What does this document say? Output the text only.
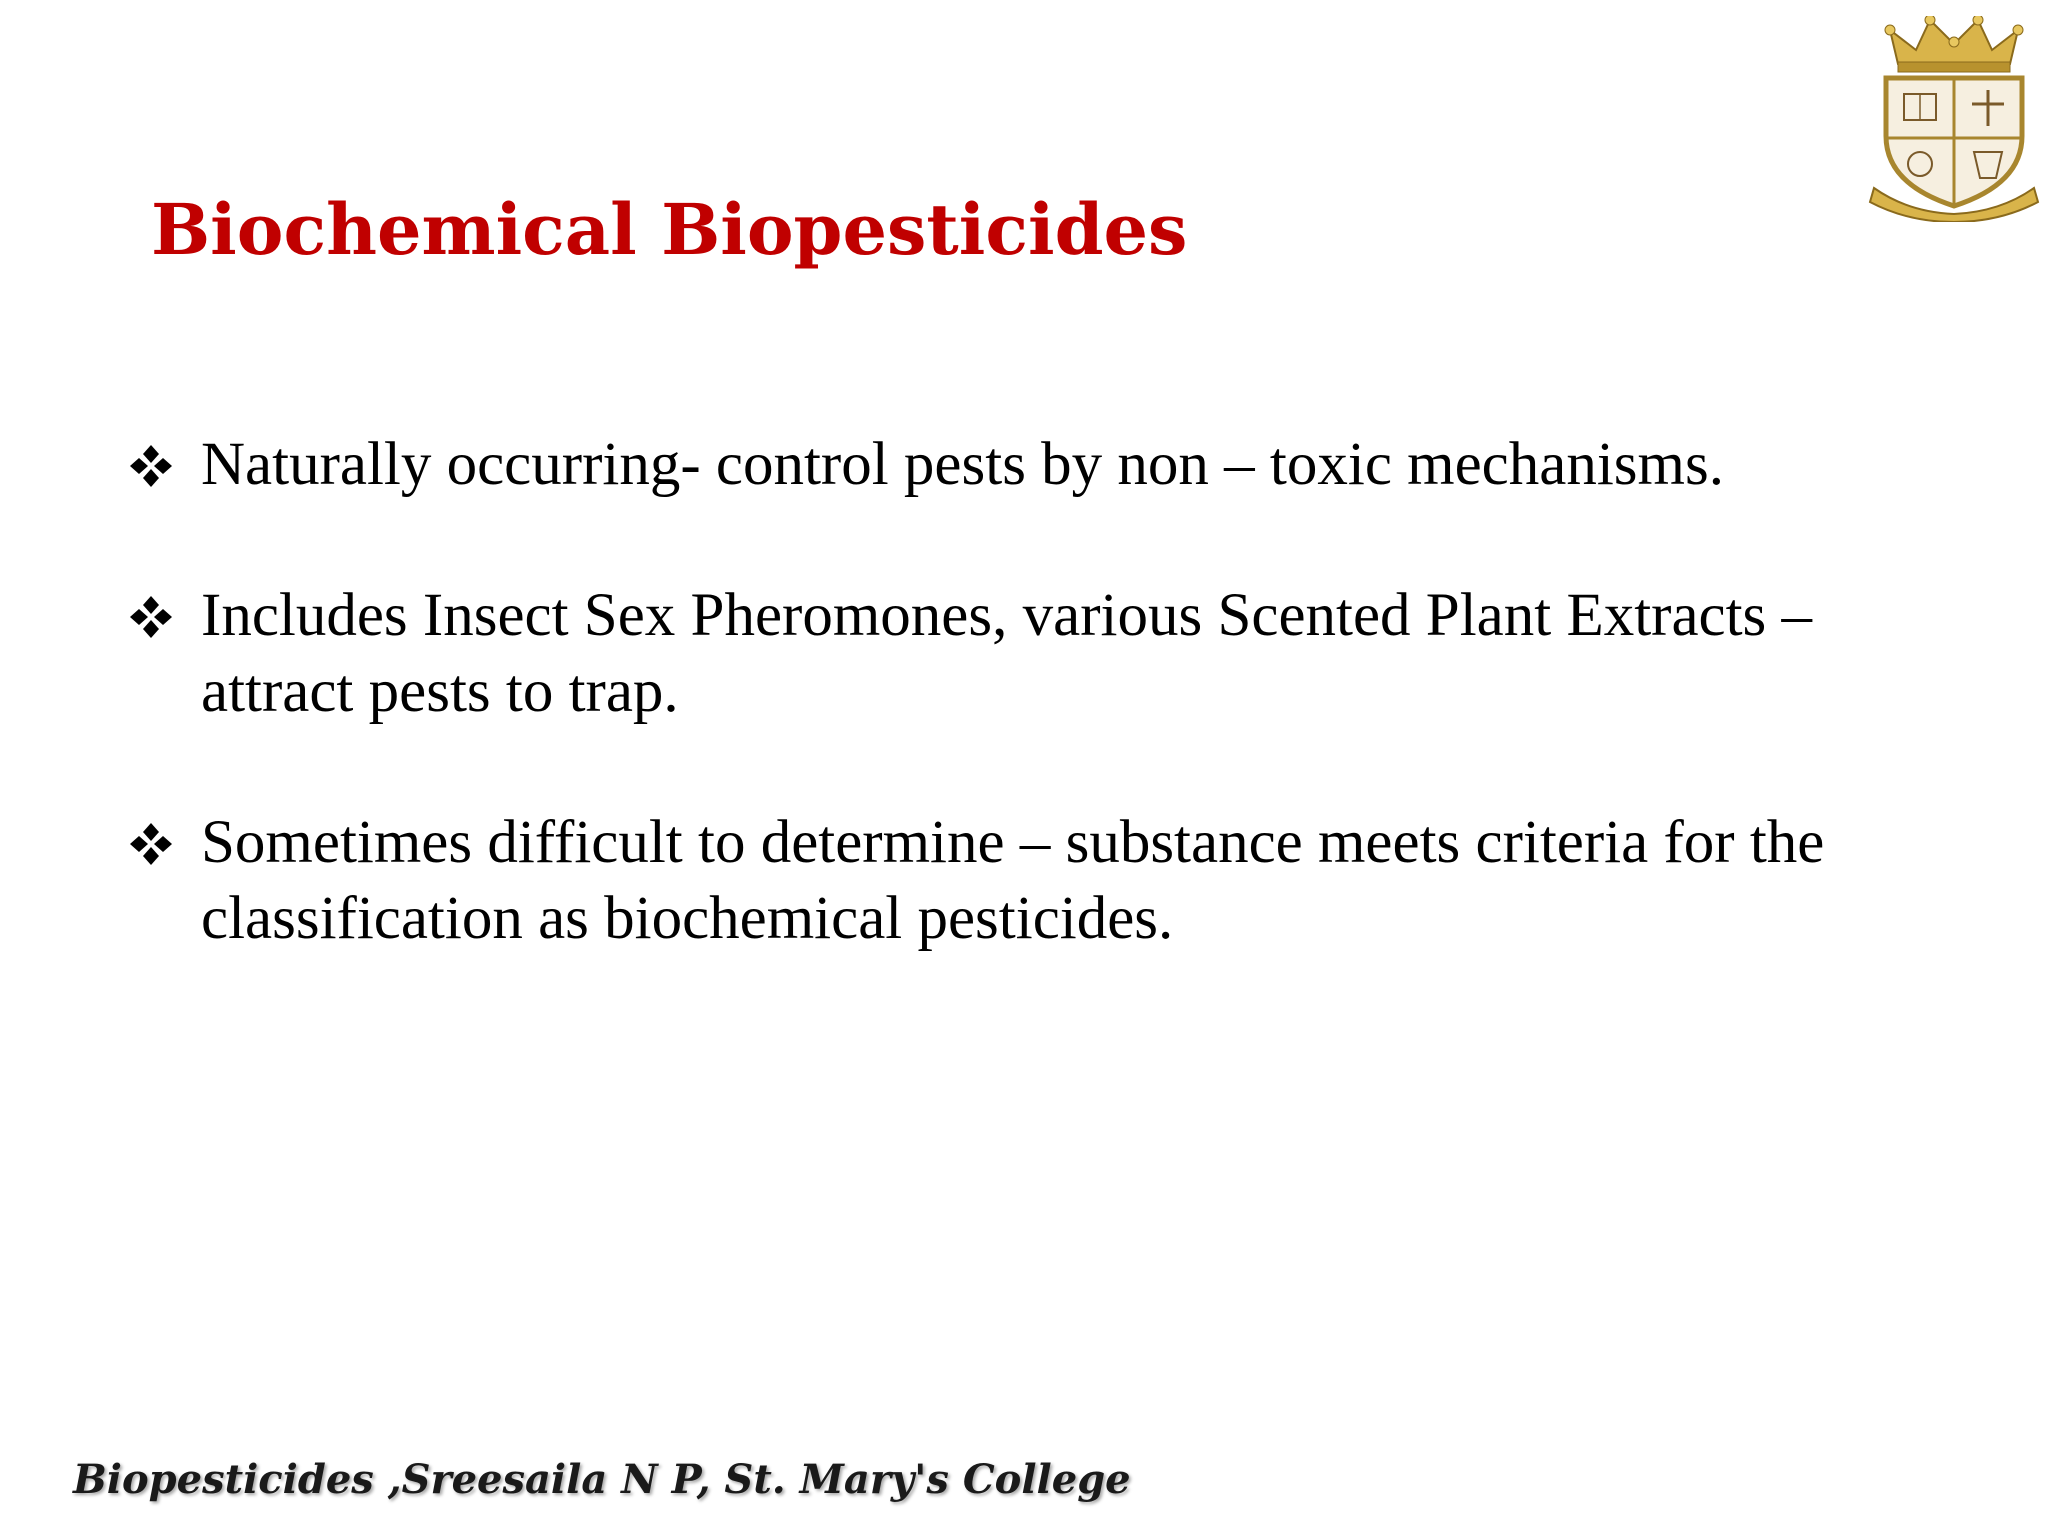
Biochemical Biopesticides
Naturally occurring- control pests by non – toxic mechanisms.
Includes Insect Sex Pheromones, various Scented Plant Extracts –
attract pests to trap.
Sometimes difficult to determine – substance meets criteria for the
classification as biochemical pesticides.

Biopesticides ,Sreesaila N P, St. Mary's College
